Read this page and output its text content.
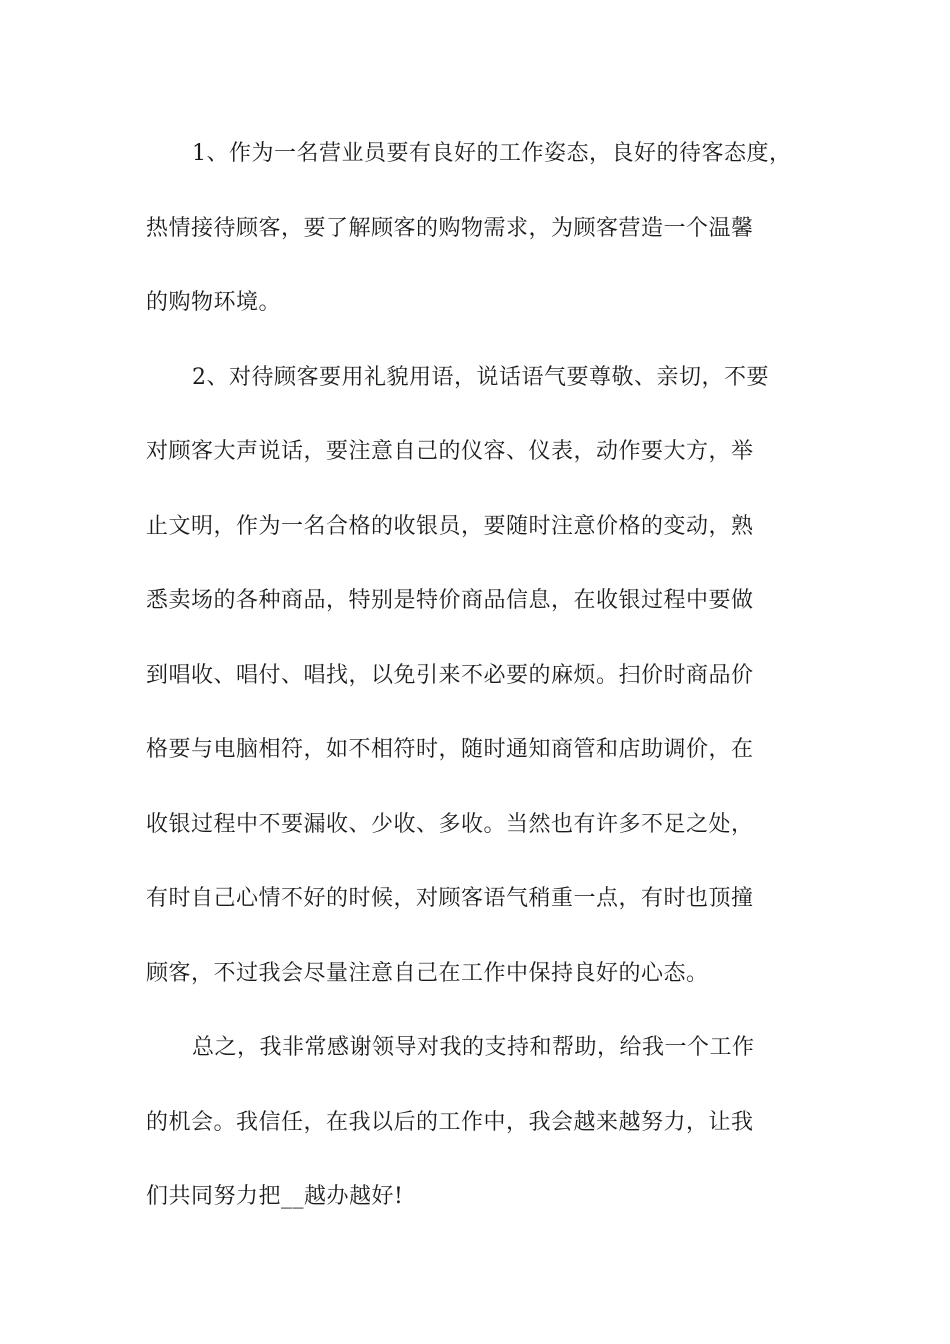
1、作为一名营业员要有良好的工作姿态，良好的待客态度，
热情接待顾客，要了解顾客的购物需求，为顾客营造一个温馨
的购物环境。
2、对待顾客要用礼貌用语，说话语气要尊敬、亲切，不要
对顾客大声说话，要注意自己的仪容、仪表，动作要大方，举
止文明，作为一名合格的收银员，要随时注意价格的变动，熟
悉卖场的各种商品，特别是特价商品信息，在收银过程中要做
到唱收、唱付、唱找，以免引来不必要的麻烦。扫价时商品价
格要与电脑相符，如不相符时，随时通知商管和店助调价，在
收银过程中不要漏收、少收、多收。当然也有许多不足之处，
有时自己心情不好的时候，对顾客语气稍重一点，有时也顶撞
顾客，不过我会尽量注意自己在工作中保持良好的心态。
总之，我非常感谢领导对我的支持和帮助，给我一个工作
的机会。我信任，在我以后的工作中，我会越来越努力，让我
们共同努力把__越办越好!
